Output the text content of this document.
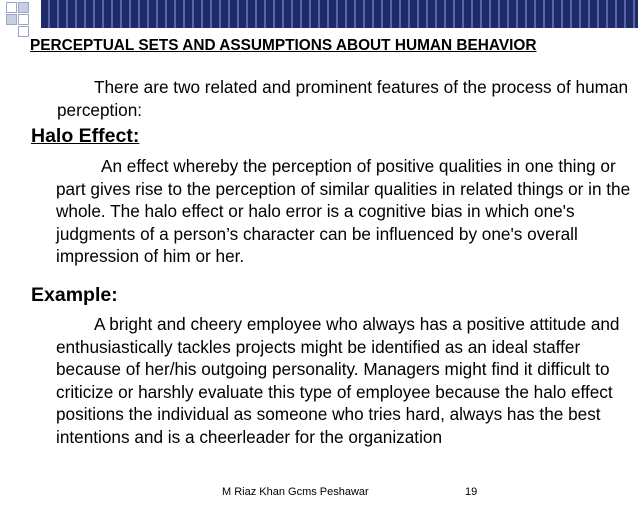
PERCEPTUAL SETS AND ASSUMPTIONS ABOUT HUMAN BEHAVIOR

There are two related and prominent features of the process of human perception:

Halo Effect:

An effect whereby the perception of positive qualities in one thing or part gives rise to the perception of similar qualities in related things or in the whole. The halo effect or halo error is a cognitive bias in which one's judgments of a person’s character can be influenced by one's overall impression of him or her.

Example:

A bright and cheery employee who always has a positive attitude and enthusiastically tackles projects might be identified as an ideal staffer because of her/his outgoing personality. Managers might find it difficult to criticize or harshly evaluate this type of employee because the halo effect positions the individual as someone who tries hard, always has the best intentions and is a cheerleader for the organization

M Riaz Khan Gcms Peshawar	19
